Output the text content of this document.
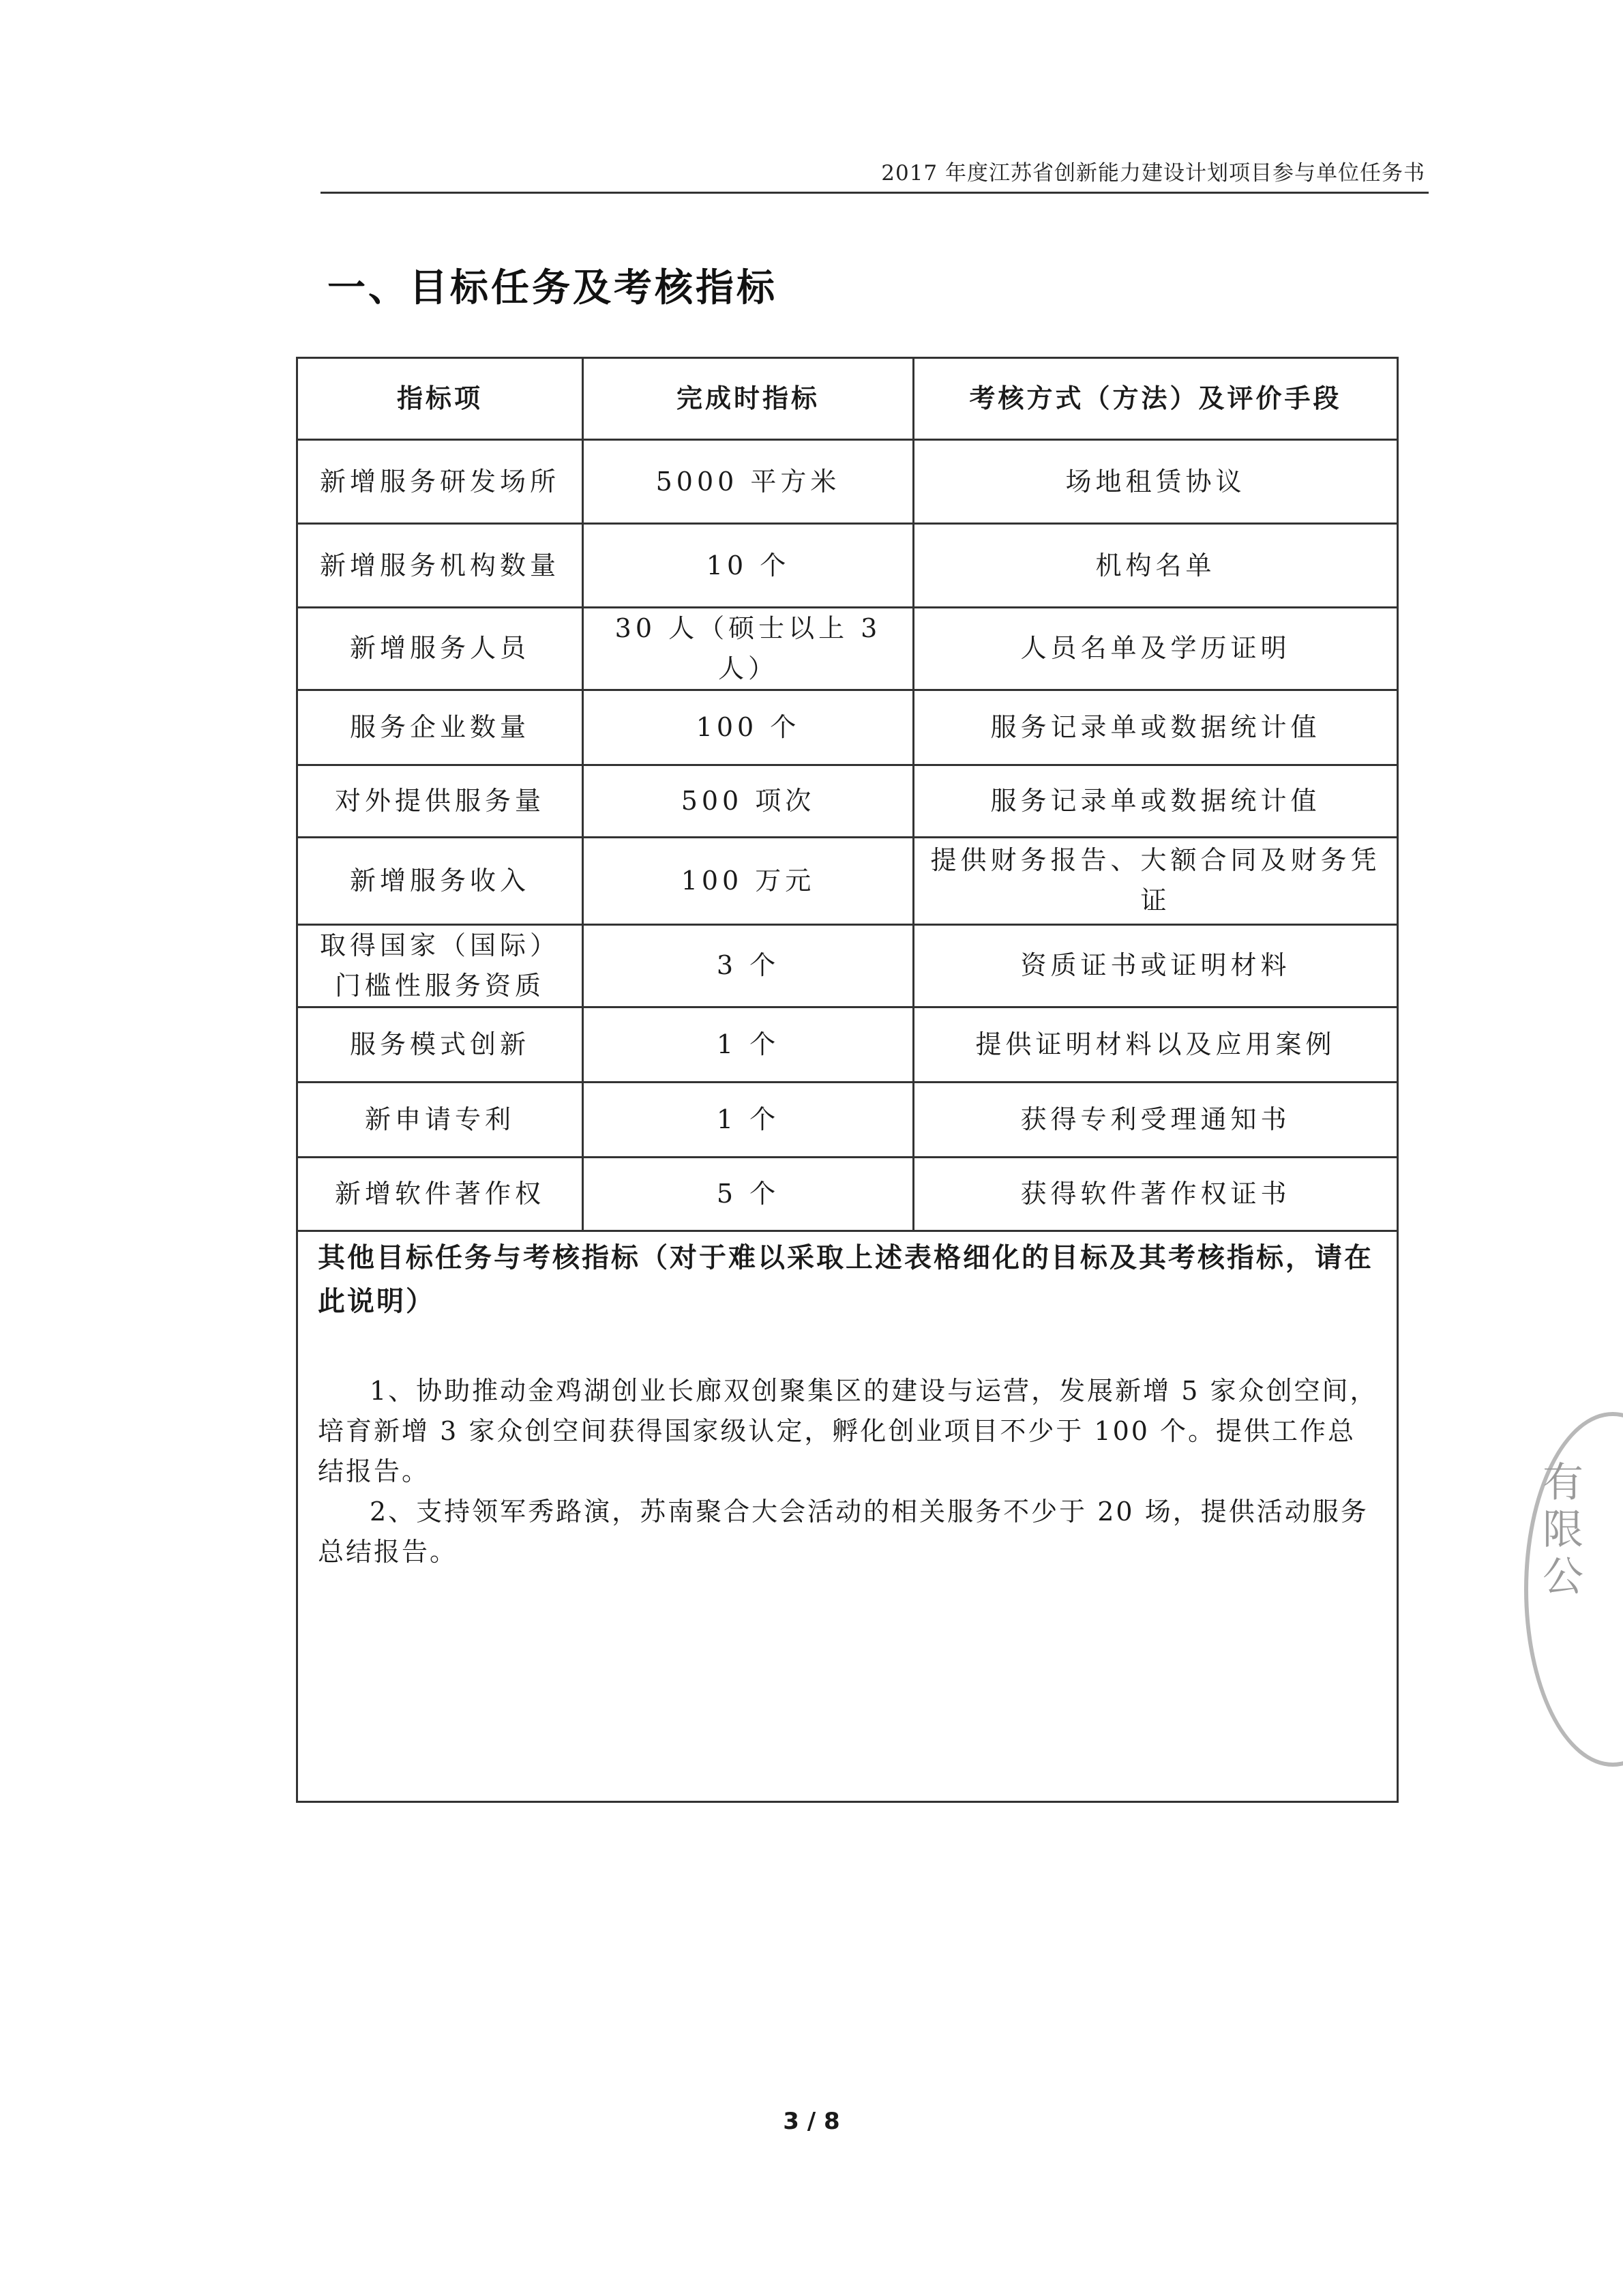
2017 年度江苏省创新能力建设计划项目参与单位任务书
一、目标任务及考核指标
指标项	完成时指标	考核方式（方法）及评价手段
新增服务研发场所	5000 平方米	场地租赁协议
新增服务机构数量	10 个	机构名单
新增服务人员	30 人（硕士以上 3 人）	人员名单及学历证明
服务企业数量	100 个	服务记录单或数据统计值
对外提供服务量	500 项次	服务记录单或数据统计值
新增服务收入	100 万元	提供财务报告、大额合同及财务凭证
取得国家（国际）门槛性服务资质	3 个	资质证书或证明材料
服务模式创新	1 个	提供证明材料以及应用案例
新申请专利	1 个	获得专利受理通知书
新增软件著作权	5 个	获得软件著作权证书
其他目标任务与考核指标（对于难以采取上述表格细化的目标及其考核指标，请在此说明）

1、协助推动金鸡湖创业长廊双创聚集区的建设与运营，发展新增 5 家众创空间，培育新增 3 家众创空间获得国家级认定，孵化创业项目不少于 100 个。提供工作总结报告。

2、支持领军秀路演，苏南聚合大会活动的相关服务不少于 20 场，提供活动服务总结报告。

有限公
3 / 8
